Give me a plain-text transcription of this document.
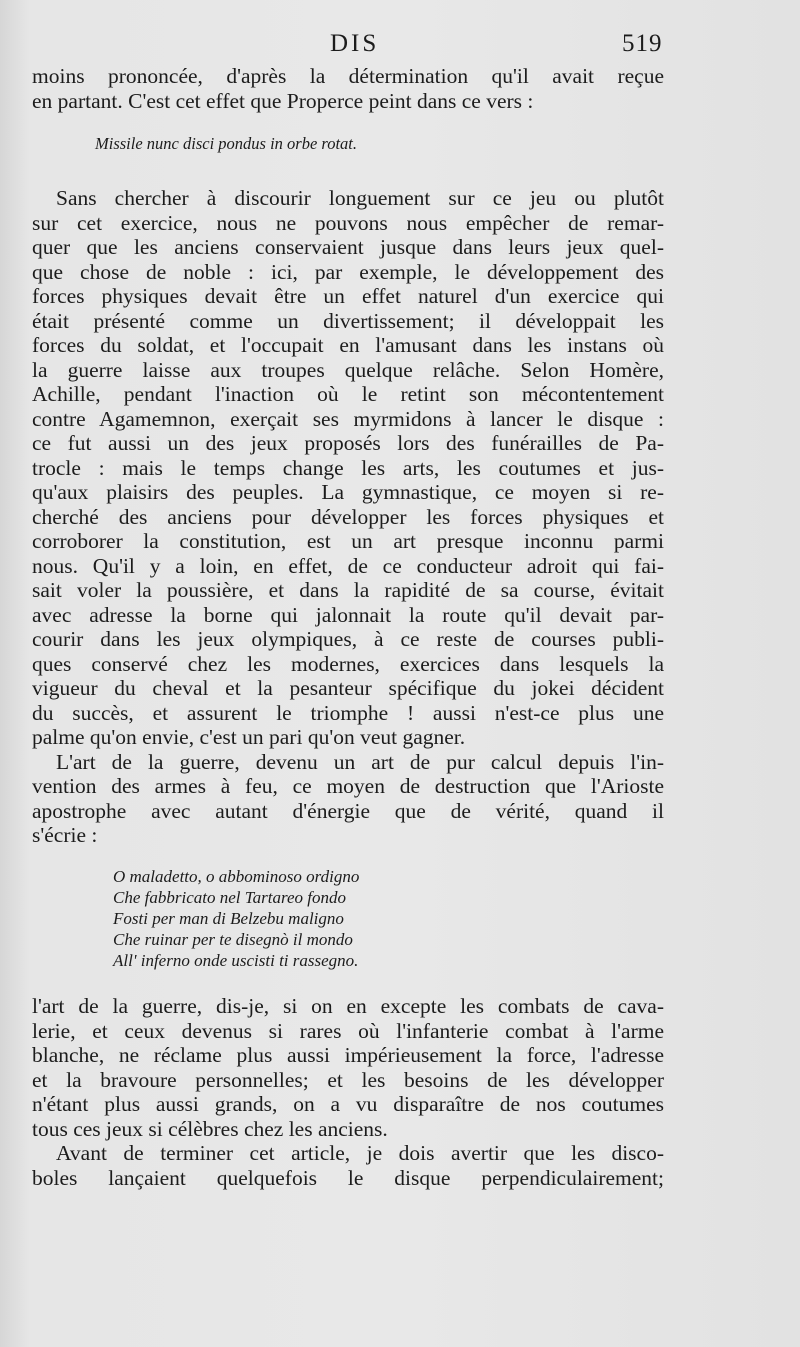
DIS	519
moins prononcée, d'après la détermination qu'il avait reçue
en partant. C'est cet effet que Properce peint dans ce vers :
Missile nunc disci pondus in orbe rotat.
Sans chercher à discourir longuement sur ce jeu ou plutôt
sur cet exercice, nous ne pouvons nous empêcher de remar-
quer que les anciens conservaient jusque dans leurs jeux quel-
que chose de noble : ici, par exemple, le développement des
forces physiques devait être un effet naturel d'un exercice qui
était présenté comme un divertissement; il développait les
forces du soldat, et l'occupait en l'amusant dans les instans où
la guerre laisse aux troupes quelque relâche. Selon Homère,
Achille, pendant l'inaction où le retint son mécontentement
contre Agamemnon, exerçait ses myrmidons à lancer le disque :
ce fut aussi un des jeux proposés lors des funérailles de Pa-
trocle : mais le temps change les arts, les coutumes et jus-
qu'aux plaisirs des peuples. La gymnastique, ce moyen si re-
cherché des anciens pour développer les forces physiques et
corroborer la constitution, est un art presque inconnu parmi
nous. Qu'il y a loin, en effet, de ce conducteur adroit qui fai-
sait voler la poussière, et dans la rapidité de sa course, évitait
avec adresse la borne qui jalonnait la route qu'il devait par-
courir dans les jeux olympiques, à ce reste de courses publi-
ques conservé chez les modernes, exercices dans lesquels la
vigueur du cheval et la pesanteur spécifique du jokei décident
du succès, et assurent le triomphe ! aussi n'est-ce plus une
palme qu'on envie, c'est un pari qu'on veut gagner.
L'art de la guerre, devenu un art de pur calcul depuis l'in-
vention des armes à feu, ce moyen de destruction que l'Arioste
apostrophe avec autant d'énergie que de vérité, quand il
s'écrie :
O maladetto, o abbominoso ordigno
Che fabbricato nel Tartareo fondo
Fosti per man di Belzebu maligno
Che ruinar per te disegnò il mondo
All' inferno onde uscisti ti rassegno.
l'art de la guerre, dis-je, si on en excepte les combats de cava-
lerie, et ceux devenus si rares où l'infanterie combat à l'arme
blanche, ne réclame plus aussi impérieusement la force, l'adresse
et la bravoure personnelles; et les besoins de les développer
n'étant plus aussi grands, on a vu disparaître de nos coutumes
tous ces jeux si célèbres chez les anciens.
Avant de terminer cet article, je dois avertir que les disco-
boles lançaient quelquefois le disque perpendiculairement;
